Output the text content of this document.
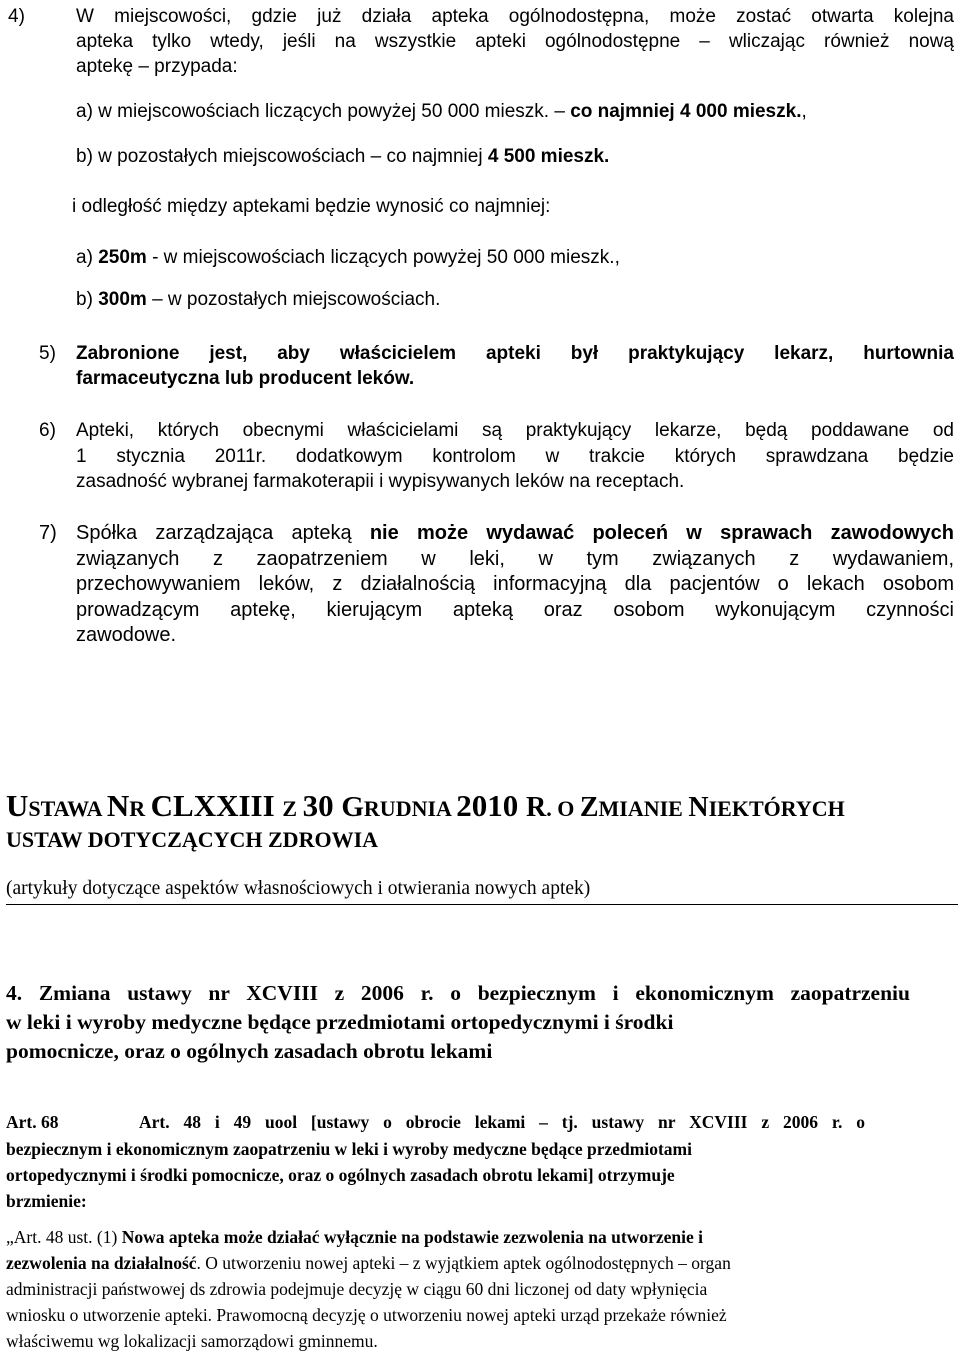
4)	W miejscowości, gdzie już działa apteka ogólnodostępna, może zostać otwarta kolejna
apteka tylko wtedy, jeśli na wszystkie apteki ogólnodostępne – wliczając również nową
aptekę – przypada:
a) w miejscowościach liczących powyżej 50 000 mieszk. – co najmniej 4 000 mieszk.,
b) w pozostałych miejscowościach – co najmniej 4 500 mieszk.
i odległość między aptekami będzie wynosić co najmniej:
a) 250m - w miejscowościach liczących powyżej 50 000 mieszk.,
b) 300m – w pozostałych miejscowościach.
5) Zabronione jest, aby właścicielem apteki był praktykujący lekarz, hurtownia
farmaceutyczna lub producent leków.
6) Apteki, których obecnymi właścicielami są praktykujący lekarze, będą poddawane od
1 stycznia 2011r. dodatkowym kontrolom w trakcie których sprawdzana będzie
zasadność wybranej farmakoterapii i wypisywanych leków na receptach.
7) Spółka zarządzająca apteką nie może wydawać poleceń w sprawach zawodowych
związanych z zaopatrzeniem w leki, w tym związanych z wydawaniem,
przechowywaniem leków, z działalnością informacyjną dla pacjentów o lekach osobom
prowadzącym aptekę, kierującym apteką oraz osobom wykonującym czynności
zawodowe.
USTAWA NR CLXXIII Z 30 GRUDNIA 2010 R. O ZMIANIE NIEKTÓRYCH
USTAW DOTYCZĄCYCH ZDROWIA
(artykuły dotyczące aspektów własnościowych i otwierania nowych aptek)
4. Zmiana ustawy nr XCVIII z 2006 r. o bezpiecznym i ekonomicznym zaopatrzeniu
w leki i wyroby medyczne będące przedmiotami ortopedycznymi i środki
pomocnicze, oraz o ogólnych zasadach obrotu lekami
Art. 68	Art. 48 i 49 uool [ustawy o obrocie lekami – tj. ustawy nr XCVIII z 2006 r. o
bezpiecznym i ekonomicznym zaopatrzeniu w leki i wyroby medyczne będące przedmiotami
ortopedycznymi i środki pomocnicze, oraz o ogólnych zasadach obrotu lekami] otrzymuje
brzmienie:
„Art. 48 ust. (1) Nowa apteka może działać wyłącznie na podstawie zezwolenia na utworzenie i
zezwolenia na działalność. O utworzeniu nowej apteki – z wyjątkiem aptek ogólnodostępnych – organ
administracji państwowej ds zdrowia podejmuje decyzję w ciągu 60 dni liczonej od daty wpłynięcia
wniosku o utworzenie apteki. Prawomocną decyzję o utworzeniu nowej apteki urząd przekaże również
właściwemu wg lokalizacji samorządowi gminnemu.
